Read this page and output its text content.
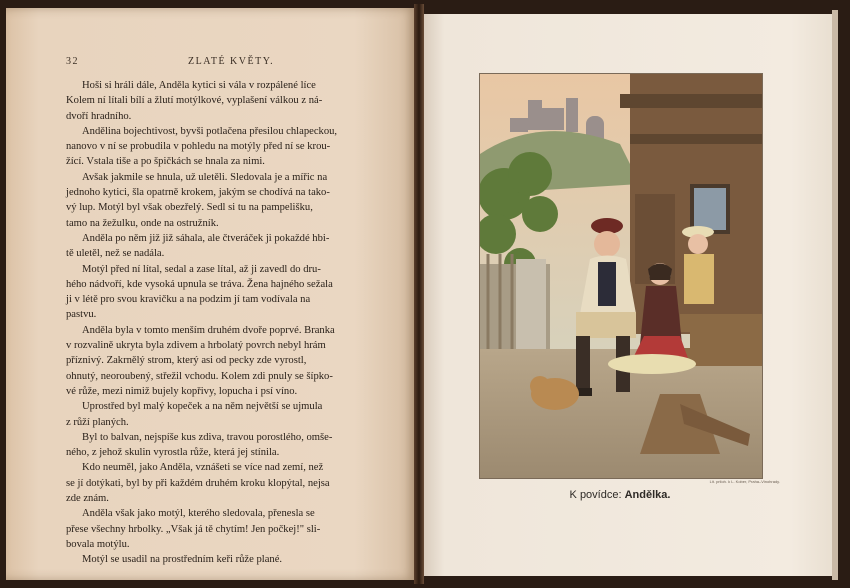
32	ZLATÉ KVĚTY.
Hoši si hráli dále, Anděla kytici si vála v rozpálené líce
Kolem ní lítali bílí a žlutí motýlkové, vyplašení válkou z ná-
dvoří hradního.
Andělina bojechtivost, byvši potlačena přesilou chlapeckou,
nanovo v ní se probudila v pohledu na motýly před ní se krou-
žící. Vstala tiše a po špičkách se hnala za nimi.
Avšak jakmile se hnula, už uletěli. Sledovala je a mířic na
jednoho kytici, šla opatrně krokem, jakým se chodívá na tako-
vý lup. Motýl byl však obezřelý. Sedl si tu na pampelišku,
tamo na žežulku, onde na ostružník.
Anděla po něm již již sáhala, ale čtveráček ji pokaždé hbi-
tě uletěl, než se nadála.
Motýl před ní lítal, sedal a zase lítal, až ji zavedl do dru-
hého nádvoří, kde vysoká upnula se tráva. Žena hajného sežala
ji v létě pro svou kravičku a na podzim jí tam vodívala na
pastvu.
Anděla byla v tomto menším druhém dvoře poprvé. Branka
v rozvalině ukryta byla zdivem a hrbolatý povrch nebyl hrám
příznivý. Zakrnělý strom, který asi od pecky zde vyrostl,
ohnutý, neoroubený, střežil vchodu. Kolem zdi pnuly se šípko-
vé růže, mezi nimiž bujely kopřivy, lopucha i psí víno.
Uprostřed byl malý kopeček a na něm největší se ujmula
z růží planých.
Byl to balvan, nejspíše kus zdiva, travou porostlého, omše-
ného, z jehož skulin vyrostla růže, která jej stínila.
Kdo neuměl, jako Anděla, vznášeti se více nad zemí, než
se jí dotýkati, byl by při každém druhém kroku klopýtal, nejsa
zde znám.
Anděla však jako motýl, kterého sledovala, přenesla se
přese všechny hrbolky. „Však já tě chytím! Jen počkej!" sli-
bovala motýlu.
Motýl se usadil na prostředním keři růže plané.
Lit. priloh. k L. Kober, Praha–Vinohrady.
K povídce: Andělka.
